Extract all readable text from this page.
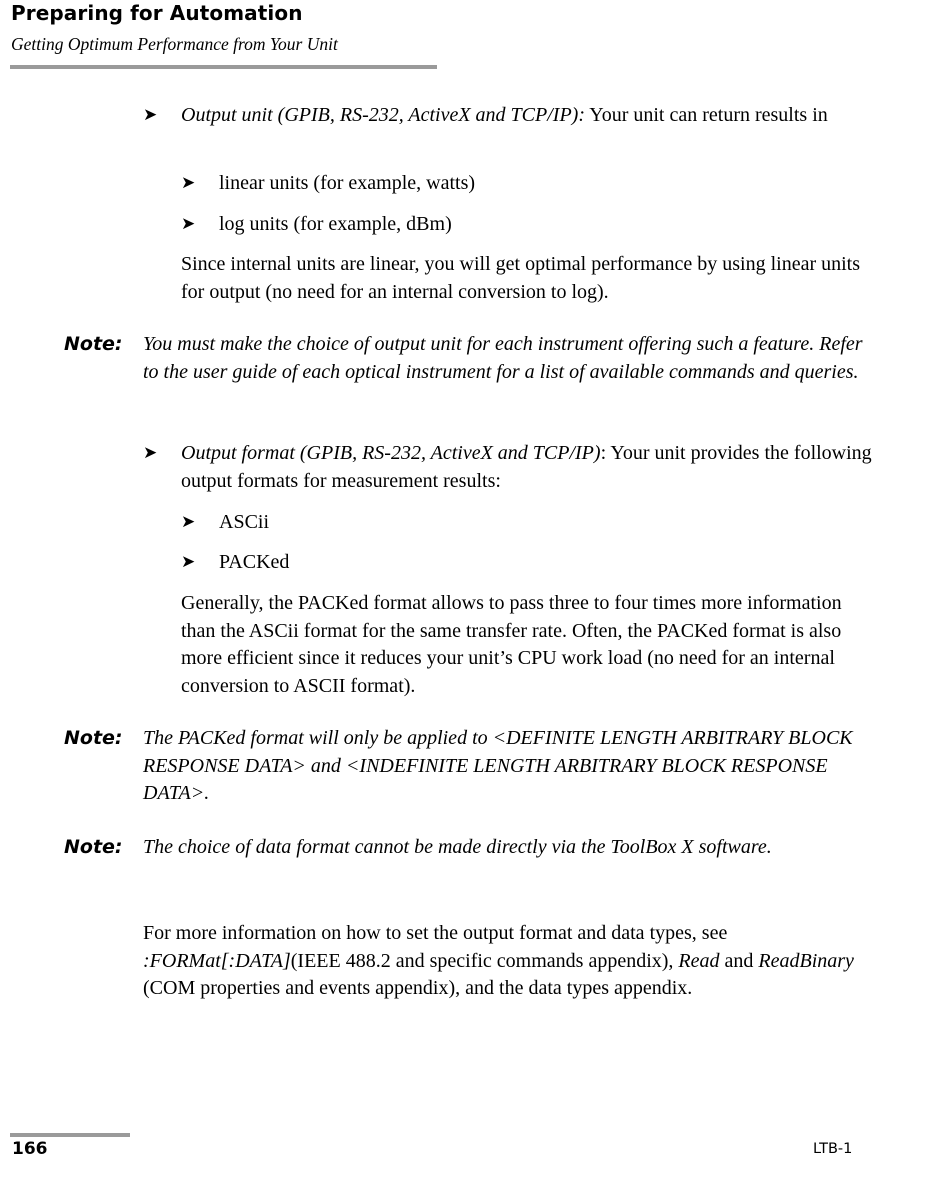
Preparing for Automation
Getting Optimum Performance from Your Unit
➤ Output unit (GPIB, RS-232, ActiveX and TCP/IP): Your unit can return results in
➤ linear units (for example, watts)
➤ log units (for example, dBm)
Since internal units are linear, you will get optimal performance by using linear units for output (no need for an internal conversion to log).
Note: You must make the choice of output unit for each instrument offering such a feature. Refer to the user guide of each optical instrument for a list of available commands and queries.
➤ Output format (GPIB, RS-232, ActiveX and TCP/IP): Your unit provides the following output formats for measurement results:
➤ ASCii
➤ PACKed
Generally, the PACKed format allows to pass three to four times more information than the ASCii format for the same transfer rate. Often, the PACKed format is also more efficient since it reduces your unit’s CPU work load (no need for an internal conversion to ASCII format).
Note: The PACKed format will only be applied to <DEFINITE LENGTH ARBITRARY BLOCK RESPONSE DATA> and <INDEFINITE LENGTH ARBITRARY BLOCK RESPONSE DATA>.
Note: The choice of data format cannot be made directly via the ToolBox X software.
For more information on how to set the output format and data types, see :FORMat[:DATA](IEEE 488.2 and specific commands appendix), Read and ReadBinary (COM properties and events appendix), and the data types appendix.
166	LTB-1
